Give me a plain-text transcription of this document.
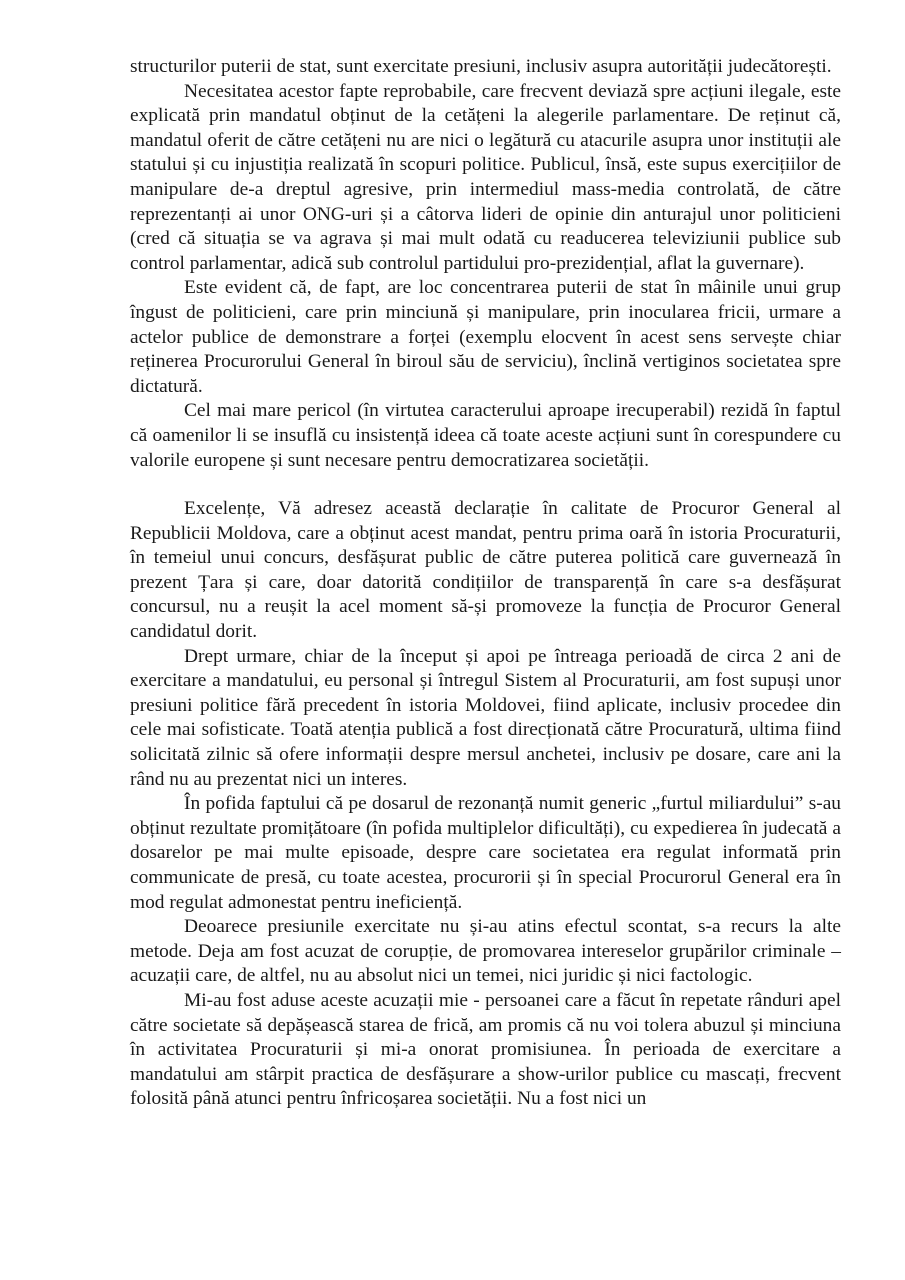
structurilor puterii de stat, sunt exercitate presiuni, inclusiv asupra autorității judecătorești.

Necesitatea acestor fapte reprobabile, care frecvent deviază spre acțiuni ilegale, este explicată prin mandatul obținut de la cetățeni la alegerile parlamentare. De reținut că, mandatul oferit de către cetățeni nu are nici o legătură cu atacurile asupra unor instituții ale statului și cu injustiția realizată în scopuri politice. Publicul, însă, este supus exercițiilor de manipulare de-a dreptul agresive, prin intermediul mass-media controlată, de către reprezentanți ai unor ONG-uri și a câtorva lideri de opinie din anturajul unor politicieni (cred că situația se va agrava și mai mult odată cu readucerea televiziunii publice sub control parlamentar, adică sub controlul partidului pro-prezidențial, aflat la guvernare).

Este evident că, de fapt, are loc concentrarea puterii de stat în mâinile unui grup îngust de politicieni, care prin minciună și manipulare, prin inocularea fricii, urmare a actelor publice de demonstrare a forței (exemplu elocvent în acest sens servește chiar reținerea Procurorului General în biroul său de serviciu), înclină vertiginos societatea spre dictatură.

Cel mai mare pericol (în virtutea caracterului aproape irecuperabil) rezidă în faptul că oamenilor li se insuflă cu insistență ideea că toate aceste acțiuni sunt în corespundere cu valorile europene și sunt necesare pentru democratizarea societății.

Excelențe, Vă adresez această declarație în calitate de Procuror General al Republicii Moldova, care a obținut acest mandat, pentru prima oară în istoria Procuraturii, în temeiul unui concurs, desfășurat public de către puterea politică care guvernează în prezent Țara și care, doar datorită condițiilor de transparență în care s-a desfășurat concursul, nu a reușit la acel moment să-și promoveze la funcția de Procuror General candidatul dorit.

Drept urmare, chiar de la început și apoi pe întreaga perioadă de circa 2 ani de exercitare a mandatului, eu personal și întregul Sistem al Procuraturii, am fost supuși unor presiuni politice fără precedent în istoria Moldovei, fiind aplicate, inclusiv procedee din cele mai sofisticate. Toată atenția publică a fost direcționată către Procuratură, ultima fiind solicitată zilnic să ofere informații despre mersul anchetei, inclusiv pe dosare, care ani la rând nu au prezentat nici un interes.

În pofida faptului că pe dosarul de rezonanță numit generic „furtul miliardului” s-au obținut rezultate promițătoare (în pofida multiplelor dificultăți), cu expedierea în judecată a dosarelor pe mai multe episoade, despre care societatea era regulat informată prin communicate de presă, cu toate acestea, procurorii și în special Procurorul General era în mod regulat admonestat pentru ineficiență.

Deoarece presiunile exercitate nu și-au atins efectul scontat, s-a recurs la alte metode. Deja am fost acuzat de corupție, de promovarea intereselor grupărilor criminale – acuzații care, de altfel, nu au absolut nici un temei, nici juridic și nici factologic.

Mi-au fost aduse aceste acuzații mie - persoanei care a făcut în repetate rânduri apel către societate să depășească starea de frică, am promis că nu voi tolera abuzul și minciuna în activitatea Procuraturii și mi-a onorat promisiunea. În perioada de exercitare a mandatului am stârpit practica de desfășurare a show-urilor publice cu mascați, frecvent folosită până atunci pentru înfricoșarea societății. Nu a fost nici un
